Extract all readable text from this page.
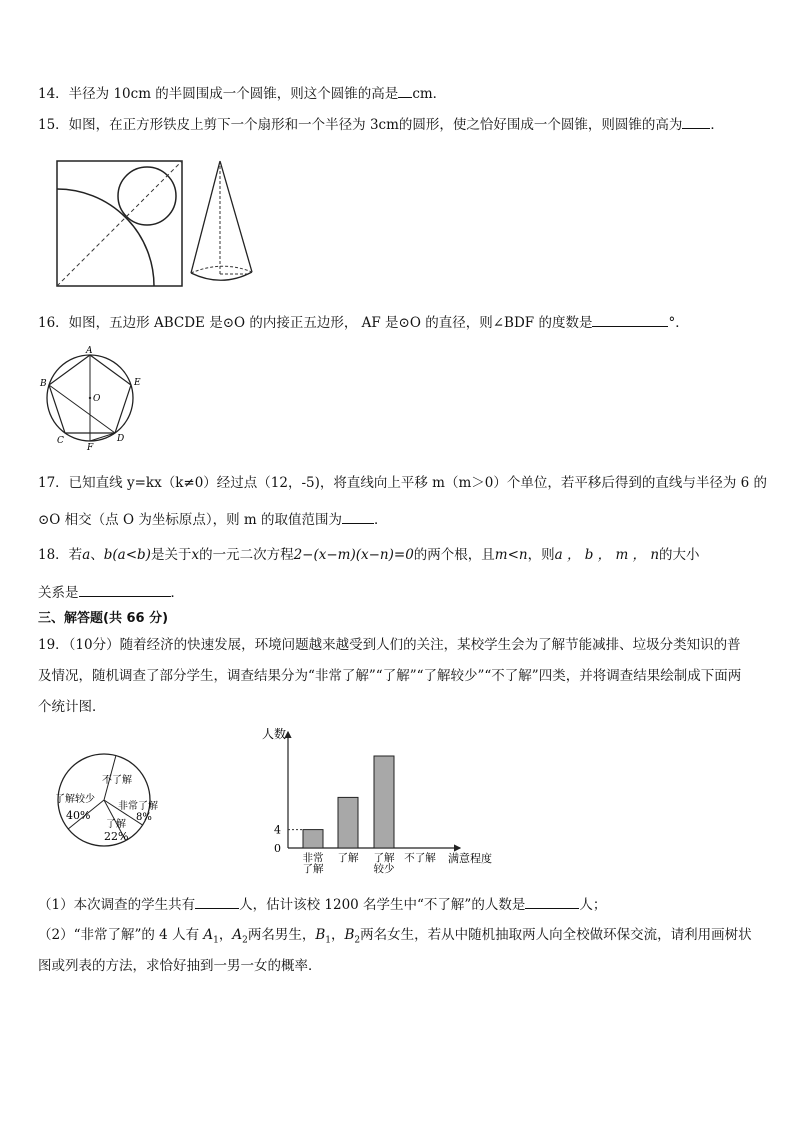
14．半径为 10cm 的半圆围成一个圆锥，则这个圆锥的高是 cm．
15．如图，在正方形铁皮上剪下一个扇形和一个半径为 3cm的圆形，使之恰好围成一个圆锥，则圆锥的高为 ．
16．如图，五边形 ABCDE 是⊙O 的内接正五边形， AF 是⊙O 的直径，则∠BDF 的度数是	°．
A
B
C	D
E
F
O
17．已知直线 y=kx（k≠0）经过点（12，-5)，将直线向上平移 m（m＞0）个单位，若平移后得到的直线与半径为 6 的
⊙O 相交（点 O 为坐标原点），则 m 的取值范围为 ．
18．若a、b(a<b)是关于x的一元二次方程2−(x−m)(x−n)=0的两个根，且m<n，则a ， b ， m ， n的大小
关系是	．
三、解答题(共 66 分)
19．（10分）随着经济的快速发展，环境问题越来越受到人们的关注，某校学生会为了解节能减排、垃圾分类知识的普
及情况，随机调查了部分学生，调查结果分为“非常了解”“了解”“了解较少”“不了解”四类，并将调查结果绘制成下面两
个统计图．
不了解
了解较少
40%
非常了解
8%
了解
22%
人数
满意程度
0
4
非常
了解
了解 了解
较少
不了解
（1）本次调查的学生共有	人，估计该校 1200 名学生中“不了解”的人数是	人；
（2）“非常了解”的 4 人有 $A_1$，$A_2$两名男生，$B_1$，$B_2$两名女生，若从中随机抽取两人向全校做环保交流，请利用画树状
图或列表的方法，求恰好抽到一男一女的概率．
